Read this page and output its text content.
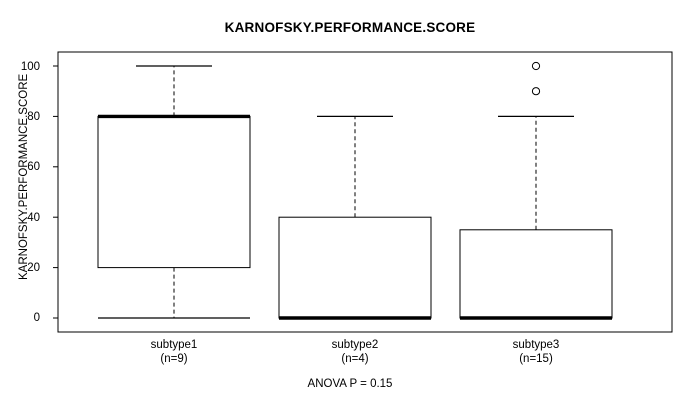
KARNOFSKY.PERFORMANCE.SCORE
KARNOFSKY.PERFORMANCE.SCORE
ANOVA P = 0.15
0
20
40
60
80
100
subtype1
(n=9)
subtype2
(n=4)
subtype3
(n=15)
